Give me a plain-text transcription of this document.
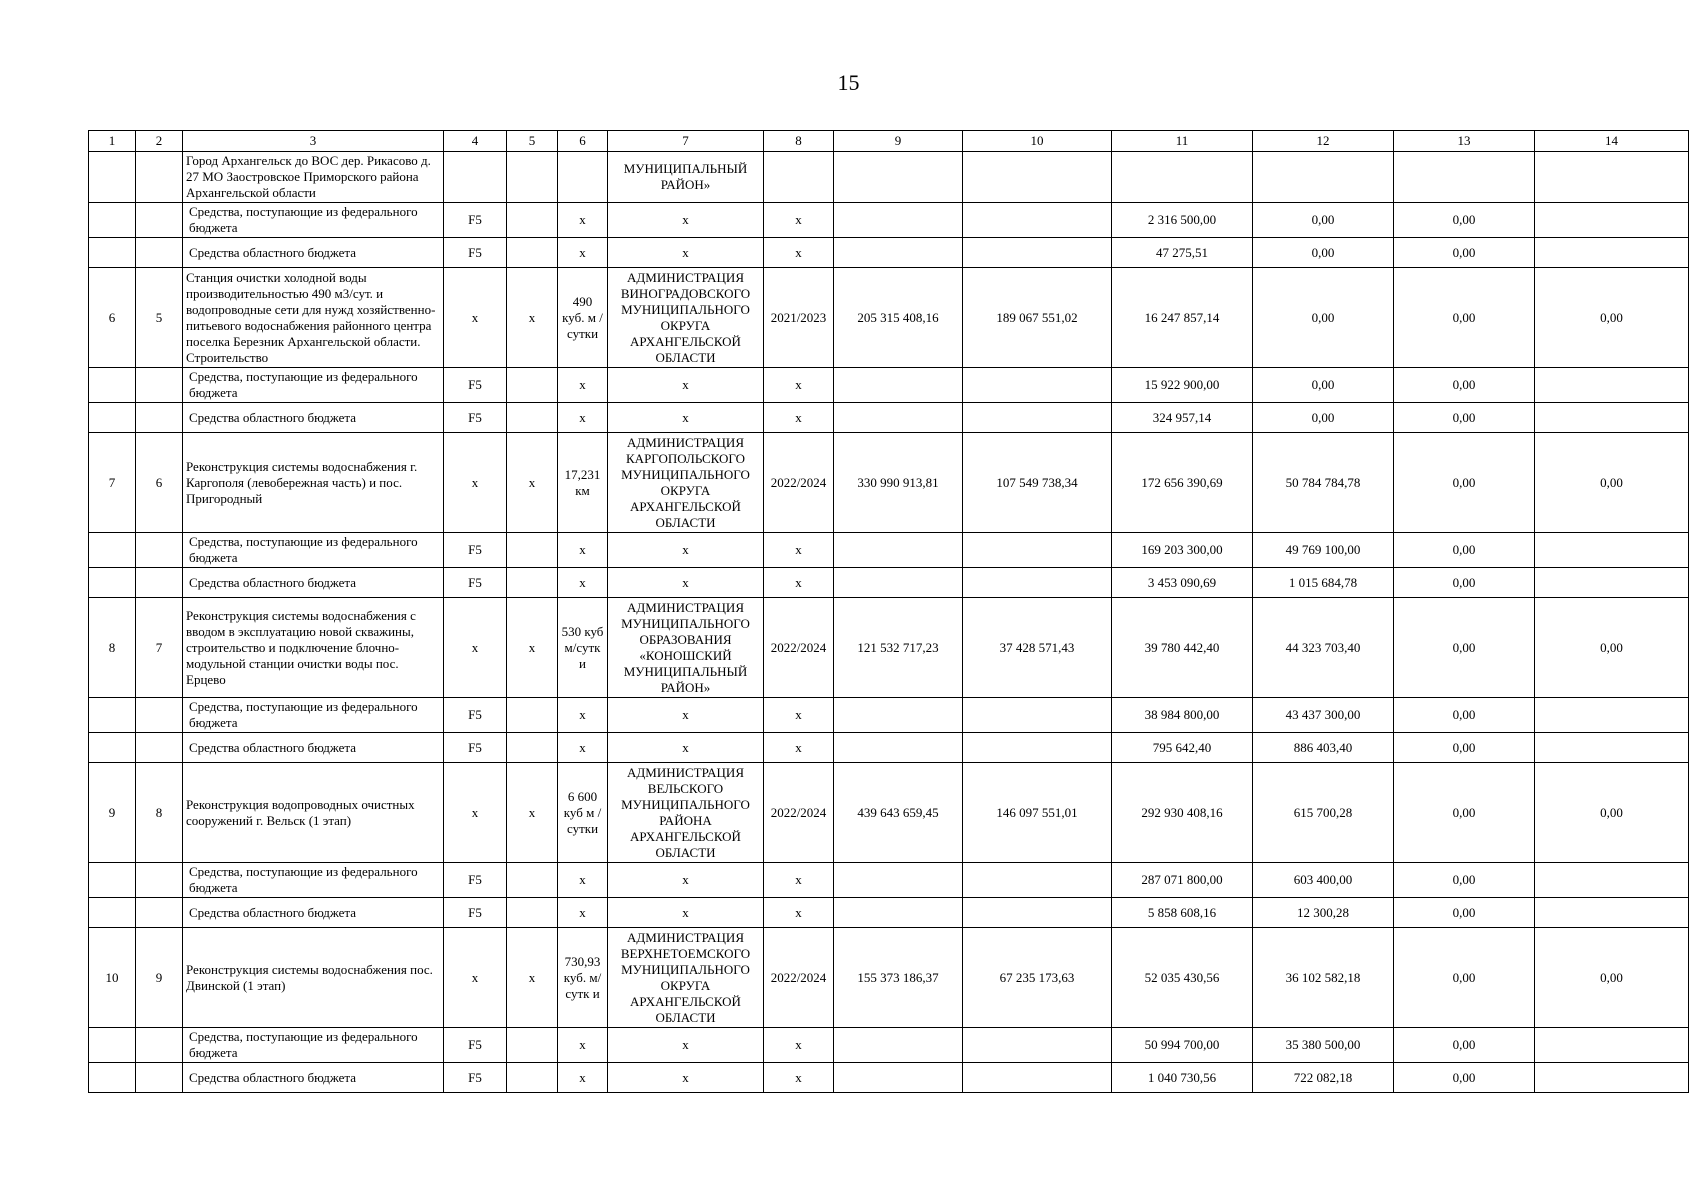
15
1	2	3	4	5	6	7	8	9	10	11	12	13	14
		Город Архангельск до ВОС дер. Рикасово д. 27 МО Заостровское Приморского района Архангельской области				МУНИЦИПАЛЬНЫЙ РАЙОН»							
		Средства, поступающие из федерального бюджета	F5		х	х	х			2 316 500,00	0,00	0,00	
		Средства областного бюджета	F5		х	х	х			47 275,51	0,00	0,00	
6	5	Станция очистки холодной воды производительностью 490 м3/сут. и водопроводные сети для нужд хозяйственно-питьевого водоснабжения районного центра поселка Березник Архангельской области. Строительство	х	х	490 куб. м / сутки	АДМИНИСТРАЦИЯ ВИНОГРАДОВСКОГО МУНИЦИПАЛЬНОГО ОКРУГА АРХАНГЕЛЬСКОЙ ОБЛАСТИ	2021/2023	205 315 408,16	189 067 551,02	16 247 857,14	0,00	0,00	0,00
		Средства, поступающие из федерального бюджета	F5		х	х	х			15 922 900,00	0,00	0,00	
		Средства областного бюджета	F5		х	х	х			324 957,14	0,00	0,00	
7	6	Реконструкция системы водоснабжения г. Каргополя (левобережная часть) и пос. Пригородный	х	х	17,231 км	АДМИНИСТРАЦИЯ КАРГОПОЛЬСКОГО МУНИЦИПАЛЬНОГО ОКРУГА АРХАНГЕЛЬСКОЙ ОБЛАСТИ	2022/2024	330 990 913,81	107 549 738,34	172 656 390,69	50 784 784,78	0,00	0,00
		Средства, поступающие из федерального бюджета	F5		х	х	х			169 203 300,00	49 769 100,00	0,00	
		Средства областного бюджета	F5		х	х	х			3 453 090,69	1 015 684,78	0,00	
8	7	Реконструкция системы водоснабжения с вводом в эксплуатацию новой скважины, строительство и подключение блочно-модульной станции очистки воды пос. Ерцево	х	х	530 куб м/сутк и	АДМИНИСТРАЦИЯ МУНИЦИПАЛЬНОГО ОБРАЗОВАНИЯ «КОНОШСКИЙ МУНИЦИПАЛЬНЫЙ РАЙОН»	2022/2024	121 532 717,23	37 428 571,43	39 780 442,40	44 323 703,40	0,00	0,00
		Средства, поступающие из федерального бюджета	F5		х	х	х			38 984 800,00	43 437 300,00	0,00	
		Средства областного бюджета	F5		х	х	х			795 642,40	886 403,40	0,00	
9	8	Реконструкция водопроводных очистных сооружений г. Вельск (1 этап)	х	х	6 600 куб м / сутки	АДМИНИСТРАЦИЯ ВЕЛЬСКОГО МУНИЦИПАЛЬНОГО РАЙОНА АРХАНГЕЛЬСКОЙ ОБЛАСТИ	2022/2024	439 643 659,45	146 097 551,01	292 930 408,16	615 700,28	0,00	0,00
		Средства, поступающие из федерального бюджета	F5		х	х	х			287 071 800,00	603 400,00	0,00	
		Средства областного бюджета	F5		х	х	х			5 858 608,16	12 300,28	0,00	
10	9	Реконструкция системы водоснабжения пос. Двинской (1 этап)	х	х	730,93 куб. м/сутк и	АДМИНИСТРАЦИЯ ВЕРХНЕТОЕМСКОГО МУНИЦИПАЛЬНОГО ОКРУГА АРХАНГЕЛЬСКОЙ ОБЛАСТИ	2022/2024	155 373 186,37	67 235 173,63	52 035 430,56	36 102 582,18	0,00	0,00
		Средства, поступающие из федерального бюджета	F5		х	х	х			50 994 700,00	35 380 500,00	0,00	
		Средства областного бюджета	F5		х	х	х			1 040 730,56	722 082,18	0,00	
